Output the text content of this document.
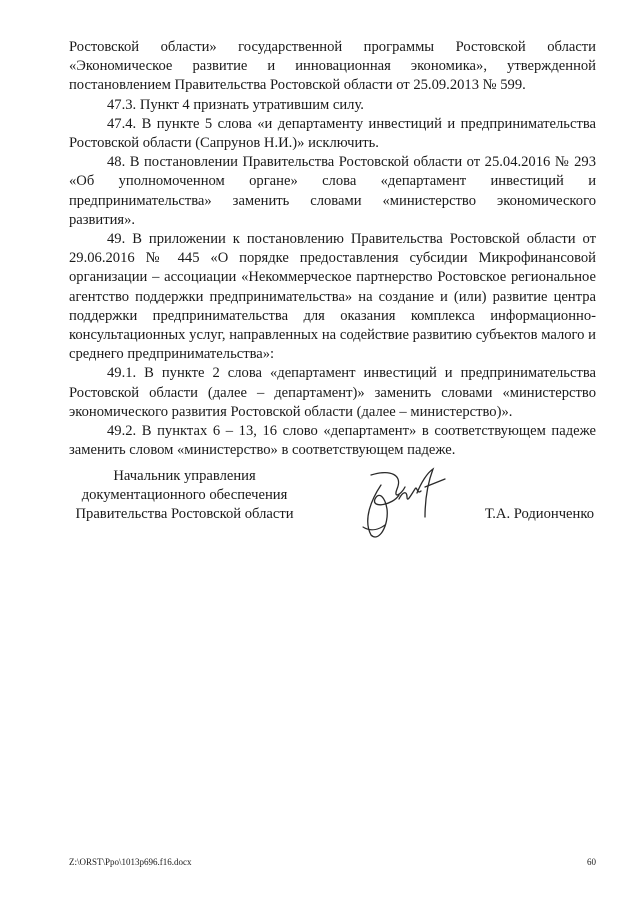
Ростовской области» государственной программы Ростовской области «Экономическое развитие и инновационная экономика», утвержденной постановлением Правительства Ростовской области от 25.09.2013 № 599.

47.3. Пункт 4 признать утратившим силу.

47.4. В пункте 5 слова «и департаменту инвестиций и предпринимательства Ростовской области (Сапрунов Н.И.)» исключить.

48. В постановлении Правительства Ростовской области от 25.04.2016 № 293 «Об уполномоченном органе» слова «департамент инвестиций и предпринимательства» заменить словами «министерство экономического развития».

49. В приложении к постановлению Правительства Ростовской области от 29.06.2016 № 445 «О порядке предоставления субсидии Микрофинансовой организации – ассоциации «Некоммерческое партнерство Ростовское региональное агентство поддержки предпринимательства» на создание и (или) развитие центра поддержки предпринимательства для оказания комплекса информационно-консультационных услуг, направленных на содействие развитию субъектов малого и среднего предпринимательства»:

49.1. В пункте 2 слова «департамент инвестиций и предпринимательства Ростовской области (далее – департамент)» заменить словами «министерство экономического развития Ростовской области (далее – министерство)».

49.2. В пунктах 6 – 13, 16 слово «департамент» в соответствующем падеже заменить словом «министерство» в соответствующем падеже.

Начальник управления
документационного обеспечения
Правительства Ростовской области	Т.А. Родионченко
Z:\ORST\Ppo\1013p696.f16.docx	60
